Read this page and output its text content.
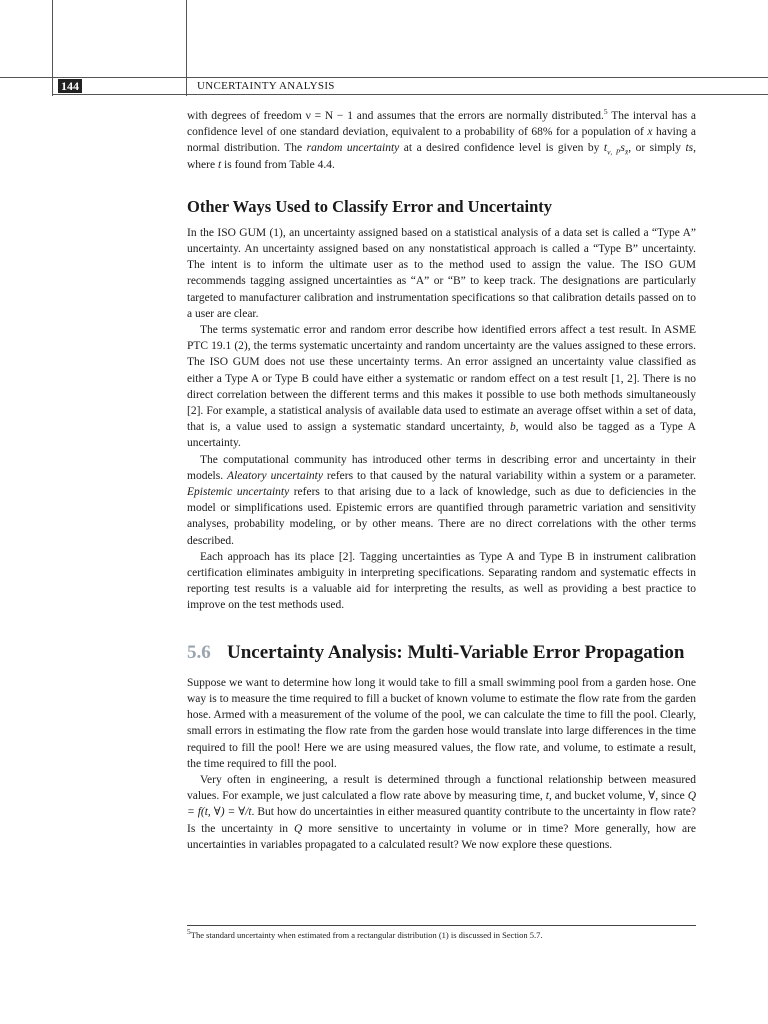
144	UNCERTAINTY ANALYSIS

with degrees of freedom ν = N − 1 and assumes that the errors are normally distributed.$^5$ The interval has a confidence level of one standard deviation, equivalent to a probability of 68% for a population of x having a normal distribution. The random uncertainty at a desired confidence level is given by $t_{\nu, P}s_{x̄}$, or simply ts, where t is found from Table 4.4.

Other Ways Used to Classify Error and Uncertainty

In the ISO GUM (1), an uncertainty assigned based on a statistical analysis of a data set is called a “Type A” uncertainty. An uncertainty assigned based on any nonstatistical approach is called a “Type B” uncertainty. The intent is to inform the ultimate user as to the method used to assign the value. The ISO GUM recommends tagging assigned uncertainties as “A” or “B” to keep track. The designations are particularly targeted to manufacturer calibration and instrumentation specifications so that calibration details passed on to a user are clear.

The terms systematic error and random error describe how identified errors affect a test result. In ASME PTC 19.1 (2), the terms systematic uncertainty and random uncertainty are the values assigned to these errors. The ISO GUM does not use these uncertainty terms. An error assigned an uncertainty value classified as either a Type A or Type B could have either a systematic or random effect on a test result [1, 2]. There is no direct correlation between the different terms and this makes it possible to use both methods simultaneously [2]. For example, a statistical analysis of available data used to estimate an average offset within a set of data, that is, a value used to assign a systematic standard uncertainty, b, would also be tagged as a Type A uncertainty.

The computational community has introduced other terms in describing error and uncertainty in their models. Aleatory uncertainty refers to that caused by the natural variability within a system or a parameter. Epistemic uncertainty refers to that arising due to a lack of knowledge, such as due to deficiencies in the model or simplifications used. Epistemic errors are quantified through parametric variation and sensitivity analyses, probability modeling, or by other means. There are no direct correlations with the other terms described.

Each approach has its place [2]. Tagging uncertainties as Type A and Type B in instrument calibration certification eliminates ambiguity in interpreting specifications. Separating random and systematic effects in reporting test results is a valuable aid for interpreting the results, as well as providing a best practice to improve on the test methods used.

5.6 Uncertainty Analysis: Multi-Variable Error Propagation

Suppose we want to determine how long it would take to fill a small swimming pool from a garden hose. One way is to measure the time required to fill a bucket of known volume to estimate the flow rate from the garden hose. Armed with a measurement of the volume of the pool, we can calculate the time to fill the pool. Clearly, small errors in estimating the flow rate from the garden hose would translate into large differences in the time required to fill the pool! Here we are using measured values, the flow rate, and volume, to estimate a result, the time required to fill the pool.

Very often in engineering, a result is determined through a functional relationship between measured values. For example, we just calculated a flow rate above by measuring time, t, and bucket volume, ∀, since Q = f(t, ∀) = ∀/t. But how do uncertainties in either measured quantity contribute to the uncertainty in flow rate? Is the uncertainty in Q more sensitive to uncertainty in volume or in time? More generally, how are uncertainties in variables propagated to a calculated result? We now explore these questions.

$^5$The standard uncertainty when estimated from a rectangular distribution (1) is discussed in Section 5.7.
